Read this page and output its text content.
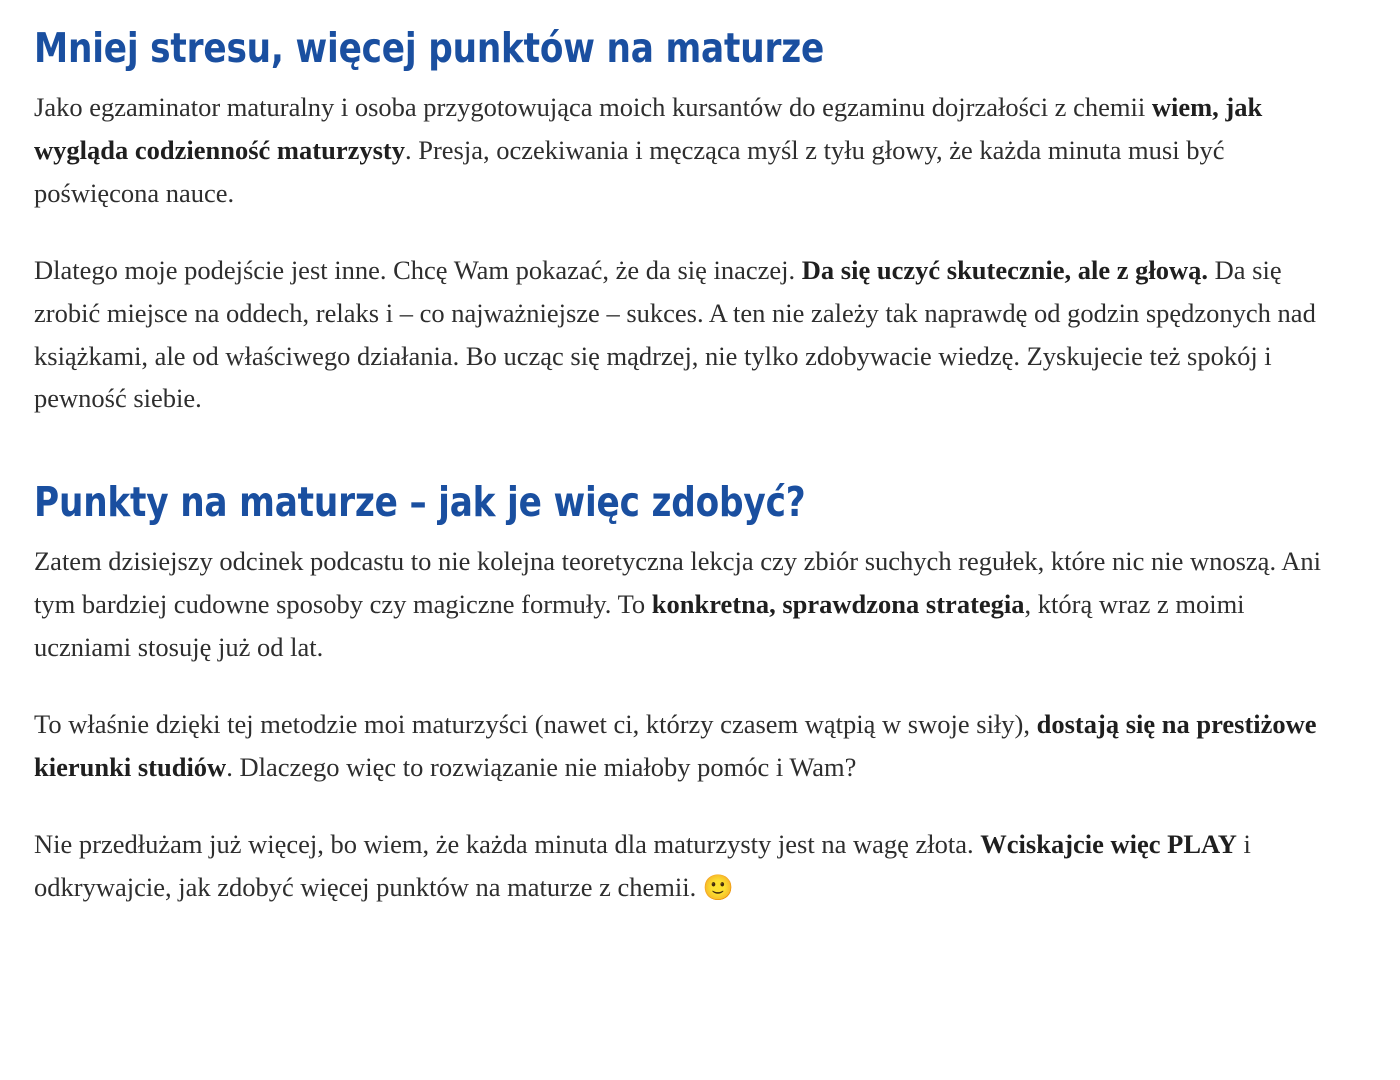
Mniej stresu, więcej punktów na maturze

Jako egzaminator maturalny i osoba przygotowująca moich kursantów do egzaminu dojrzałości z chemii wiem, jak wygląda codzienność maturzysty. Presja, oczekiwania i męcząca myśl z tyłu głowy, że każda minuta musi być poświęcona nauce.

Dlatego moje podejście jest inne. Chcę Wam pokazać, że da się inaczej. Da się uczyć skutecznie, ale z głową. Da się zrobić miejsce na oddech, relaks i – co najważniejsze – sukces. A ten nie zależy tak naprawdę od godzin spędzonych nad książkami, ale od właściwego działania. Bo ucząc się mądrzej, nie tylko zdobywacie wiedzę. Zyskujecie też spokój i pewność siebie.

Punkty na maturze – jak je więc zdobyć?

Zatem dzisiejszy odcinek podcastu to nie kolejna teoretyczna lekcja czy zbiór suchych regułek, które nic nie wnoszą. Ani tym bardziej cudowne sposoby czy magiczne formuły. To konkretna, sprawdzona strategia, którą wraz z moimi uczniami stosuję już od lat.

To właśnie dzięki tej metodzie moi maturzyści (nawet ci, którzy czasem wątpią w swoje siły), dostają się na prestiżowe kierunki studiów. Dlaczego więc to rozwiązanie nie miałoby pomóc i Wam?

Nie przedłużam już więcej, bo wiem, że każda minuta dla maturzysty jest na wagę złota. Wciskajcie więc PLAY i odkrywajcie, jak zdobyć więcej punktów na maturze z chemii. 🙂
